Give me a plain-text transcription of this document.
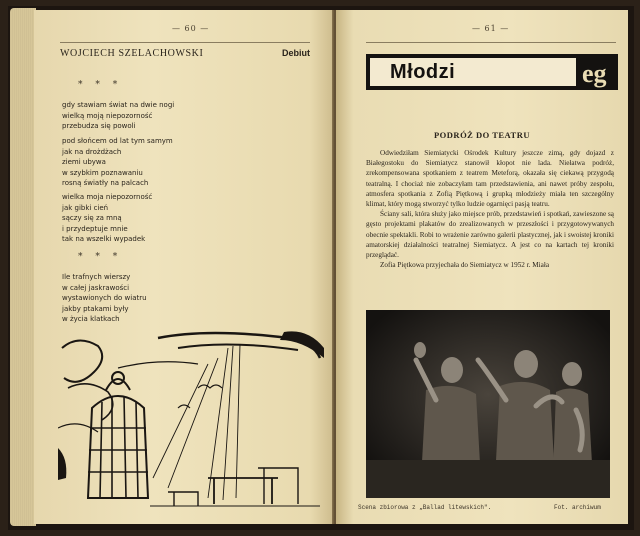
— 60 —
WOJCIECH SZELACHOWSKI	Debiut
* * *
gdy stawiam świat na dwie nogi
wielką moją niepozorność
przebudza się powoli
pod słońcem od lat tym samym
jak na drożdżach
ziemi ubywa
w szybkim poznawaniu
rosną światły na palcach
wielka moja niepozorność
jak gibki cień
sączy się za mną
i przydeptuje mnie
tak na wszelki wypadek
* * *
Ile trafnych wierszy
w całej jaskrawości
wystawionych do wiatru
jakby ptakami były
w życia klatkach
— 61 —
Młodzi	eg
PODRÓŻ DO TEATRU

Odwiedziłam Siemiatycki Ośrodek Kultury jeszcze zimą, gdy dojazd z Białegostoku do Siemiatycz stanowił kłopot nie lada. Niełatwa podróż, zrekompensowana spotkaniem z teatrem Meteforą, okazała się ciekawą przygodą teatralną. I chociaż nie zobaczyłam tam przedstawienia, ani nawet próby zespołu, atmosfera spotkania z Zofią Piętkową i grupką młodzieży miała ten szczególny klimat, który mogą stworzyć tylko ludzie ogarnięci pasją teatru.

Ściany sali, która służy jako miejsce prób, przedstawień i spotkań, zawieszone są gęsto projektami plakatów do zrealizowanych w przeszłości i przygotowywanych obecnie spektakli. Robi to wrażenie zarówno galerii plastycznej, jak i swoistej kroniki amatorskiej działalności teatralnej Siemiatycz. A jest co na kartach tej kroniki przeglądać.

Zofia Piętkowa przyjechała do Siemiatycz w 1952 r. Miała

Scena zbiorowa z „Ballad litewskich".	Fot. archiwum
